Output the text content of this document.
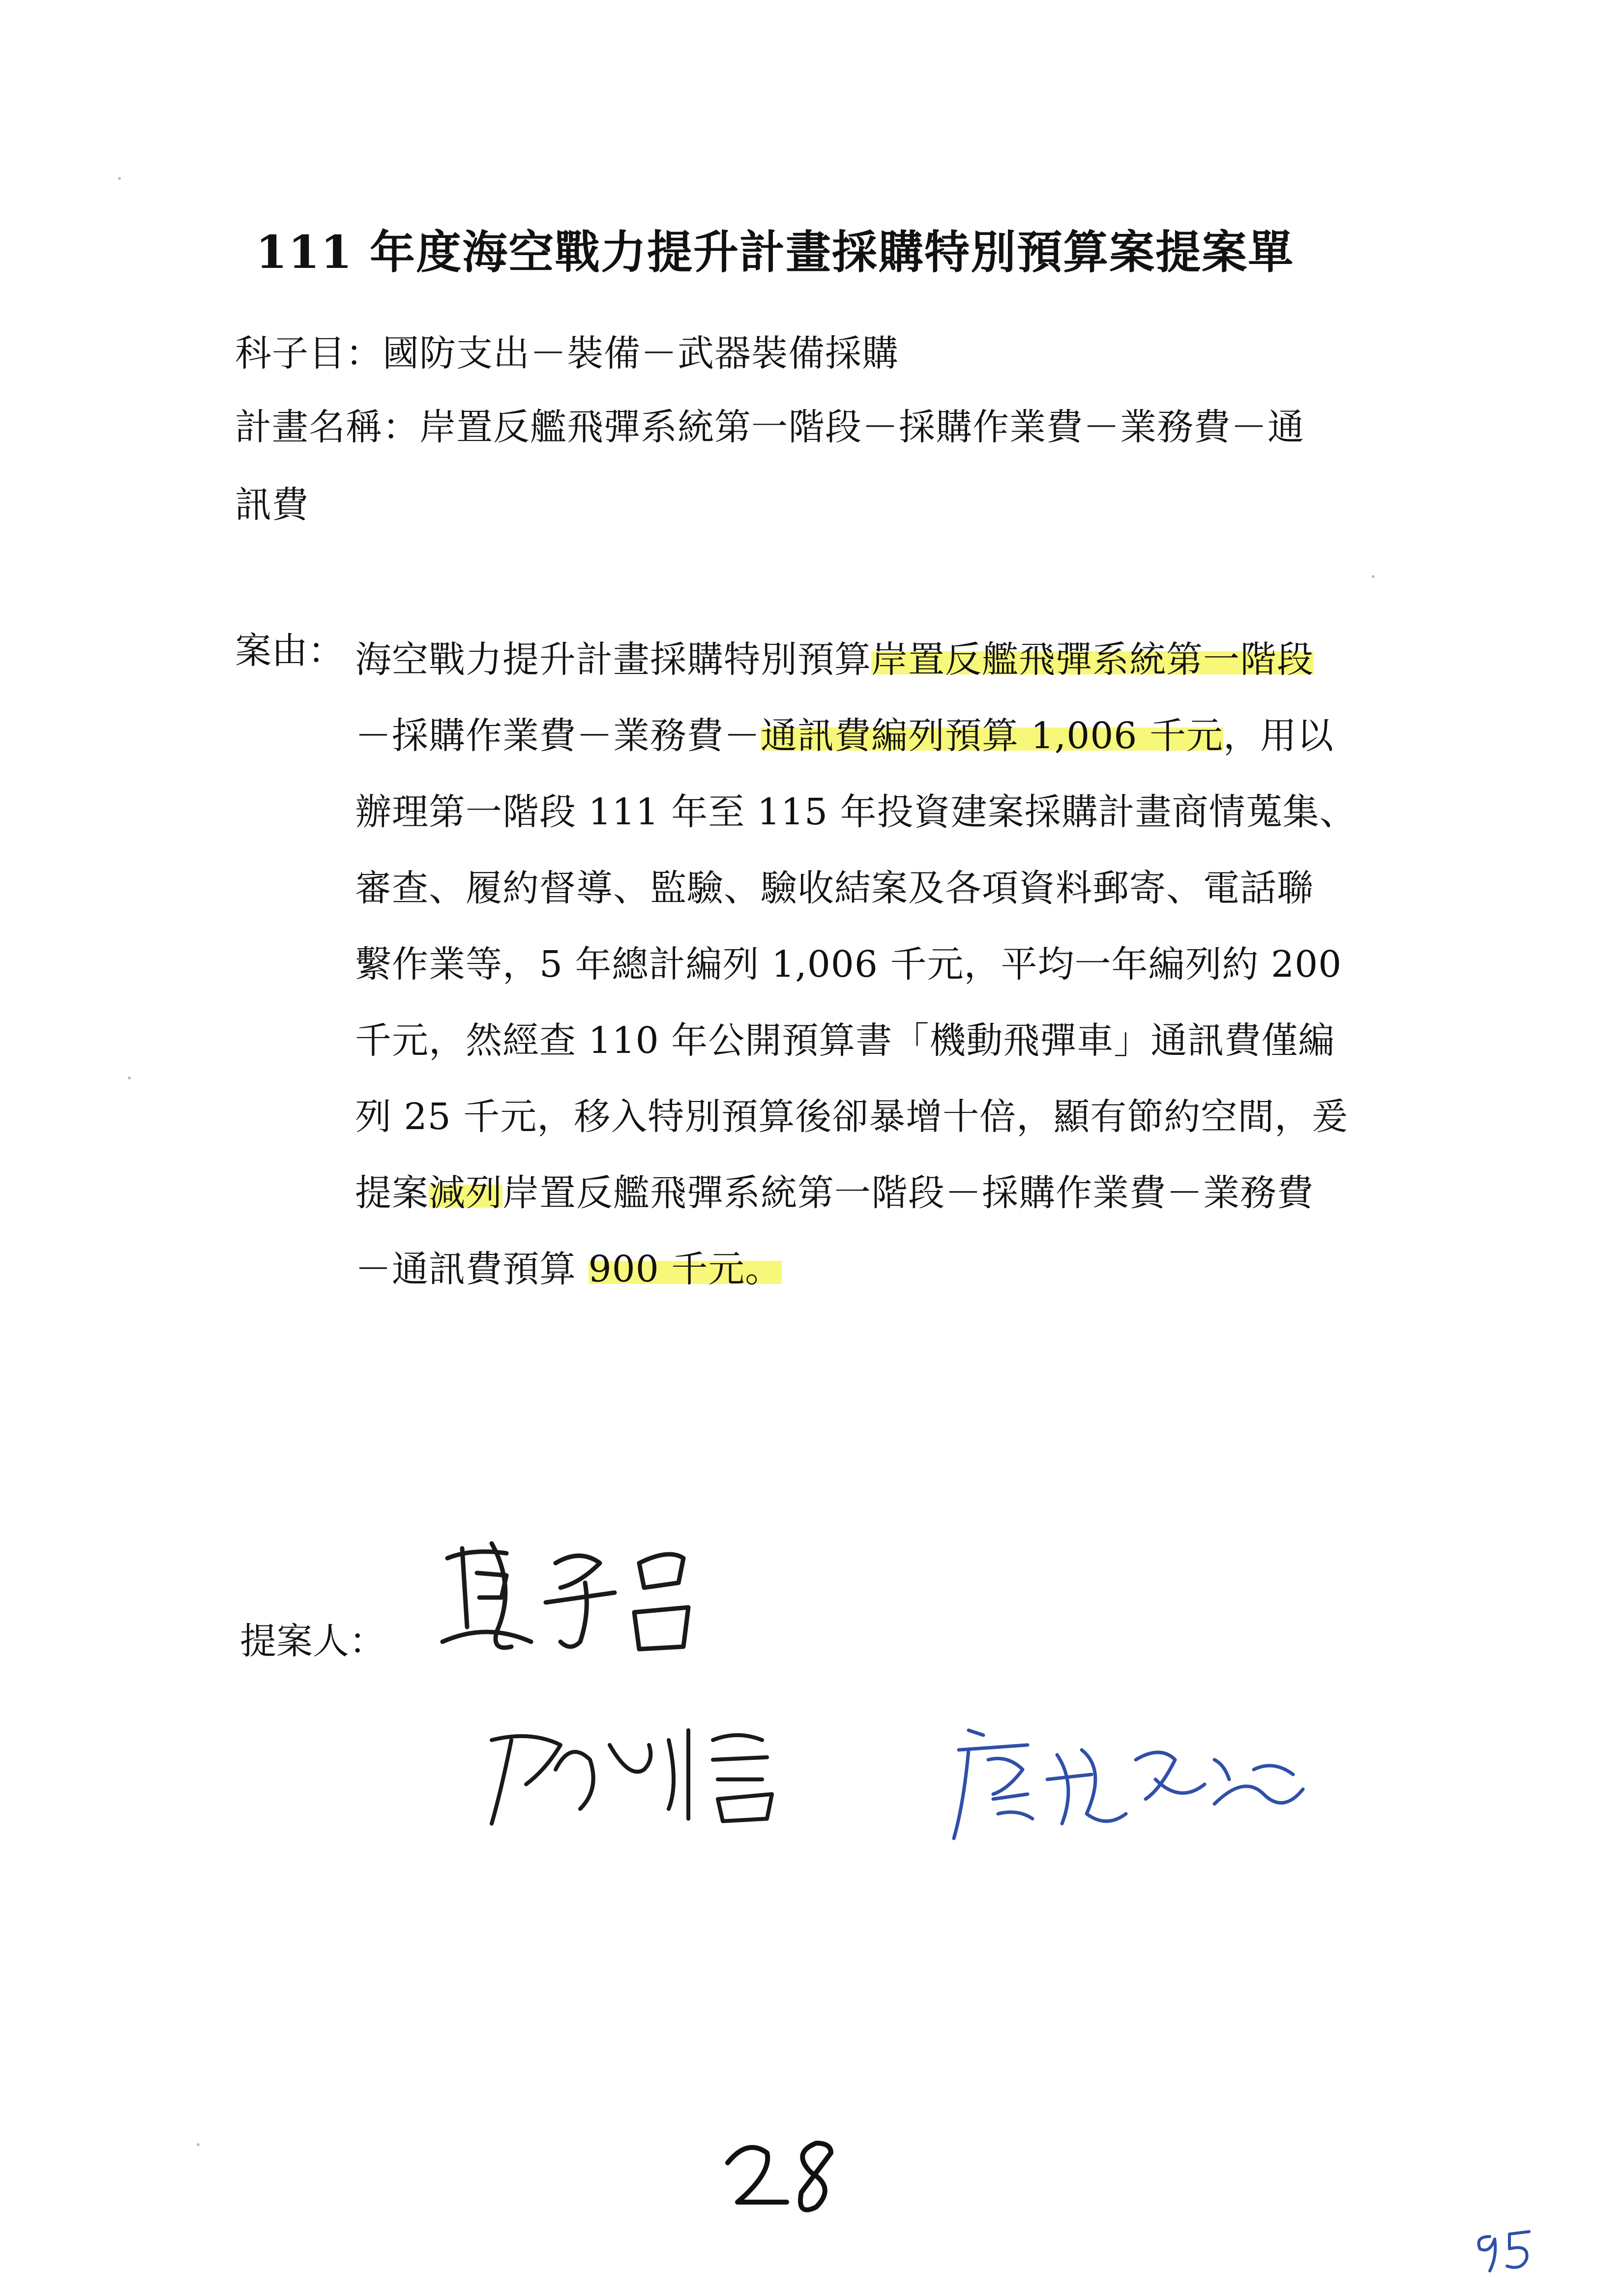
111 年度海空戰力提升計畫採購特別預算案提案單
科子目：國防支出－裝備－武器裝備採購
計畫名稱：岸置反艦飛彈系統第一階段－採購作業費－業務費－通
訊費
案由： 海空戰力提升計畫採購特別預算岸置反艦飛彈系統第一階段
－採購作業費－業務費－通訊費編列預算 1,006 千元，用以
辦理第一階段 111 年至 115 年投資建案採購計畫商情蒐集、
審查、履約督導、監驗、驗收結案及各項資料郵寄、電話聯
繫作業等，5 年總計編列 1,006 千元，平均一年編列約 200
千元，然經查 110 年公開預算書「機動飛彈車」通訊費僅編
列 25 千元，移入特別預算後卻暴增十倍，顯有節約空間，爰
提案減列岸置反艦飛彈系統第一階段－採購作業費－業務費
－通訊費預算 900 千元。
提案人：
